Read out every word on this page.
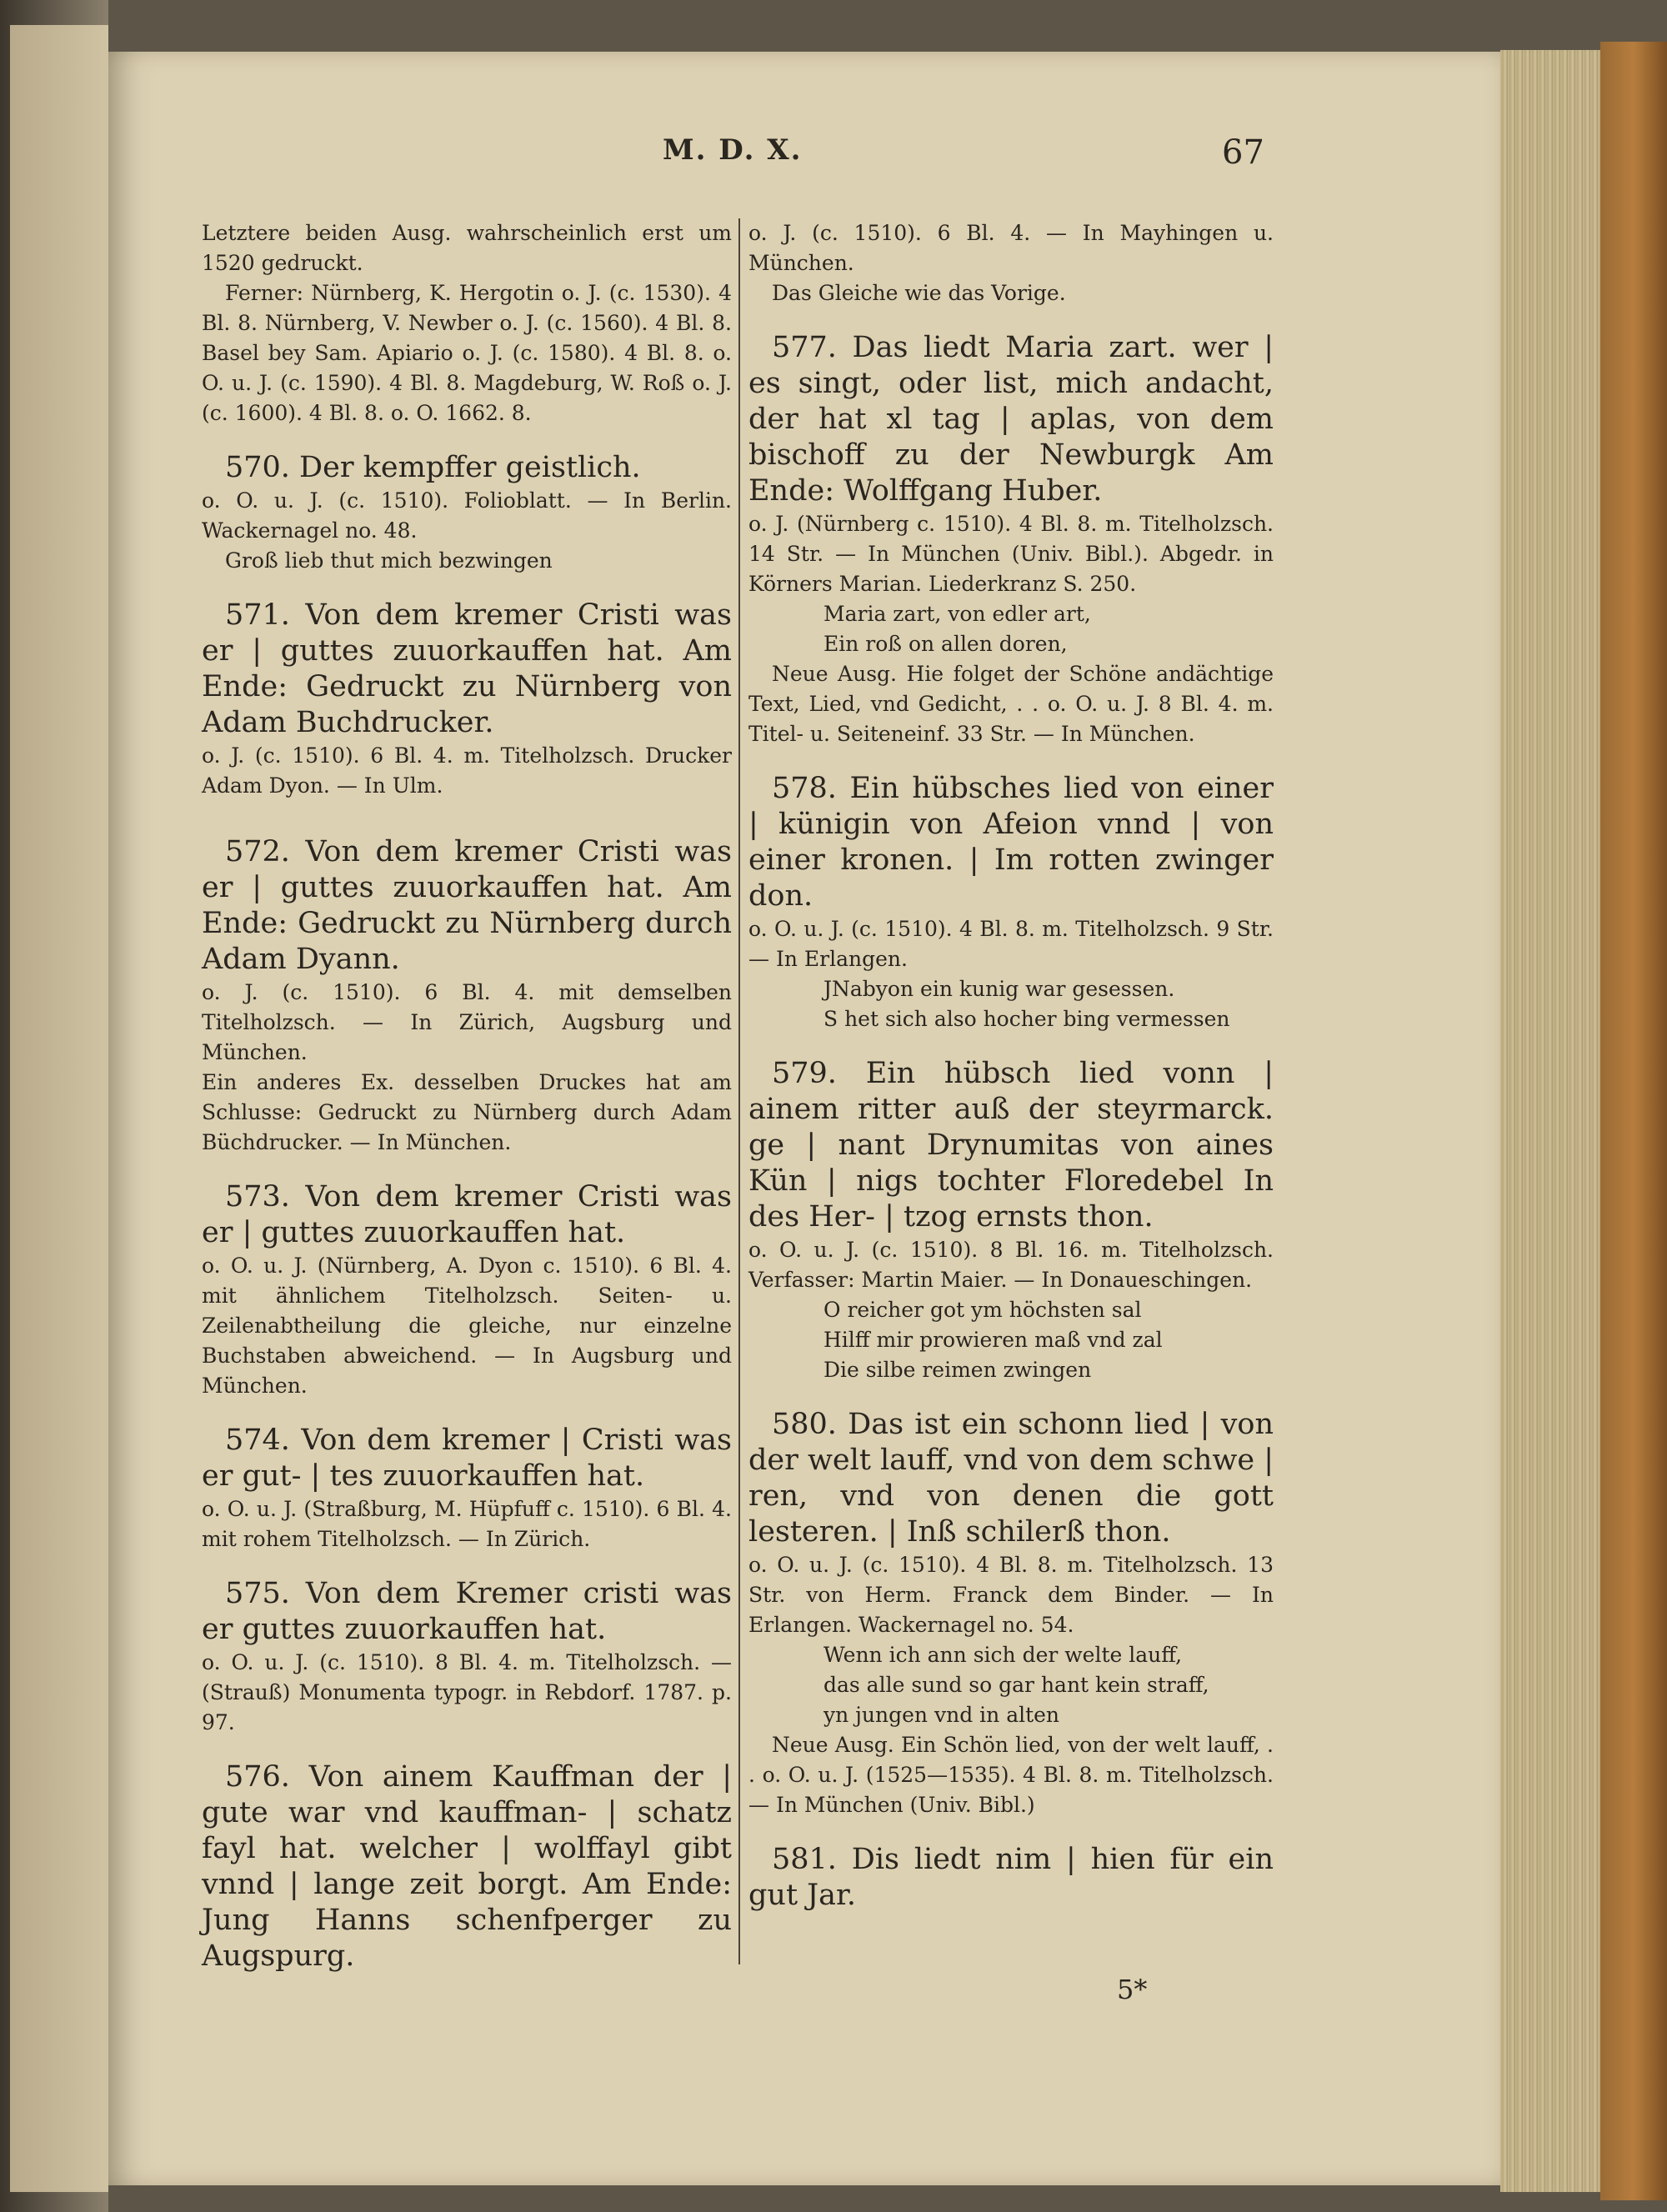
M. D. X.	67

Letztere beiden Ausg. wahrscheinlich erst um 1520 gedruckt.

Ferner: Nürnberg, K. Hergotin o. J. (c. 1530). 4 Bl. 8. Nürnberg, V. Newber o. J. (c. 1560). 4 Bl. 8. Basel bey Sam. Apiario o. J. (c. 1580). 4 Bl. 8. o. O. u. J. (c. 1590). 4 Bl. 8. Magdeburg, W. Roß o. J. (c. 1600). 4 Bl. 8. o. O. 1662. 8.

570. Der kempffer geistlich.

o. O. u. J. (c. 1510). Folioblatt. — In Berlin. Wackernagel no. 48.

Groß lieb thut mich bezwingen

571. Von dem kremer Cristi was er | guttes zuuorkauffen hat. Am Ende: Gedruckt zu Nürnberg von Adam Buchdrucker.

o. J. (c. 1510). 6 Bl. 4. m. Titelholzsch. Drucker Adam Dyon. — In Ulm.

572. Von dem kremer Cristi was er | guttes zuuorkauffen hat. Am Ende: Gedruckt zu Nürnberg durch Adam Dyann.

o. J. (c. 1510). 6 Bl. 4. mit demselben Titelholzsch. — In Zürich, Augsburg und München.

Ein anderes Ex. desselben Druckes hat am Schlusse: Gedruckt zu Nürnberg durch Adam Büchdrucker. — In München.

573. Von dem kremer Cristi was er | guttes zuuorkauffen hat.

o. O. u. J. (Nürnberg, A. Dyon c. 1510). 6 Bl. 4. mit ähnlichem Titelholzsch. Seiten- u. Zeilenabtheilung die gleiche, nur einzelne Buchstaben abweichend. — In Augsburg und München.

574. Von dem kremer | Cristi was er gut- | tes zuuorkauffen hat.

o. O. u. J. (Straßburg, M. Hüpfuff c. 1510). 6 Bl. 4. mit rohem Titelholzsch. — In Zürich.

575. Von dem Kremer cristi was er guttes zuuorkauffen hat.

o. O. u. J. (c. 1510). 8 Bl. 4. m. Titelholzsch. — (Strauß) Monumenta typogr. in Rebdorf. 1787. p. 97.

576. Von ainem Kauffman der | gute war vnd kauffman- | schatz fayl hat. welcher | wolffayl gibt vnnd | lange zeit borgt. Am Ende: Jung Hanns schenfperger zu Augspurg.

o. J. (c. 1510). 6 Bl. 4. — In Mayhingen u. München.

Das Gleiche wie das Vorige.

577. Das liedt Maria zart. wer | es singt, oder list, mich andacht, der hat xl tag | aplas, von dem bischoff zu der Newburgk Am Ende: Wolffgang Huber.

o. J. (Nürnberg c. 1510). 4 Bl. 8. m. Titelholzsch. 14 Str. — In München (Univ. Bibl.). Abgedr. in Körners Marian. Liederkranz S. 250.

Maria zart, von edler art,

Ein roß on allen doren,

Neue Ausg. Hie folget der Schöne andächtige Text, Lied, vnd Gedicht, . . o. O. u. J. 8 Bl. 4. m. Titel- u. Seiteneinf. 33 Str. — In München.

578. Ein hübsches lied von einer | künigin von Afeion vnnd | von einer kronen. | Im rotten zwinger don.

o. O. u. J. (c. 1510). 4 Bl. 8. m. Titelholzsch. 9 Str. — In Erlangen.

JNabyon ein kunig war gesessen.

S het sich also hocher bing vermessen

579. Ein hübsch lied vonn | ainem ritter auß der steyrmarck. ge | nant Drynumitas von aines Kün | nigs tochter Floredebel In des Her- | tzog ernsts thon.

o. O. u. J. (c. 1510). 8 Bl. 16. m. Titelholzsch. Verfasser: Martin Maier. — In Donaueschingen.

O reicher got ym höchsten sal

Hilff mir prowieren maß vnd zal

Die silbe reimen zwingen

580. Das ist ein schonn lied | von der welt lauff, vnd von dem schwe | ren, vnd von denen die gott lesteren. | Inß schilerß thon.

o. O. u. J. (c. 1510). 4 Bl. 8. m. Titelholzsch. 13 Str. von Herm. Franck dem Binder. — In Erlangen. Wackernagel no. 54.

Wenn ich ann sich der welte lauff,

das alle sund so gar hant kein straff,

yn jungen vnd in alten

Neue Ausg. Ein Schön lied, von der welt lauff, . . o. O. u. J. (1525—1535). 4 Bl. 8. m. Titelholzsch. — In München (Univ. Bibl.)

581. Dis liedt nim | hien für ein gut Jar.

5*
